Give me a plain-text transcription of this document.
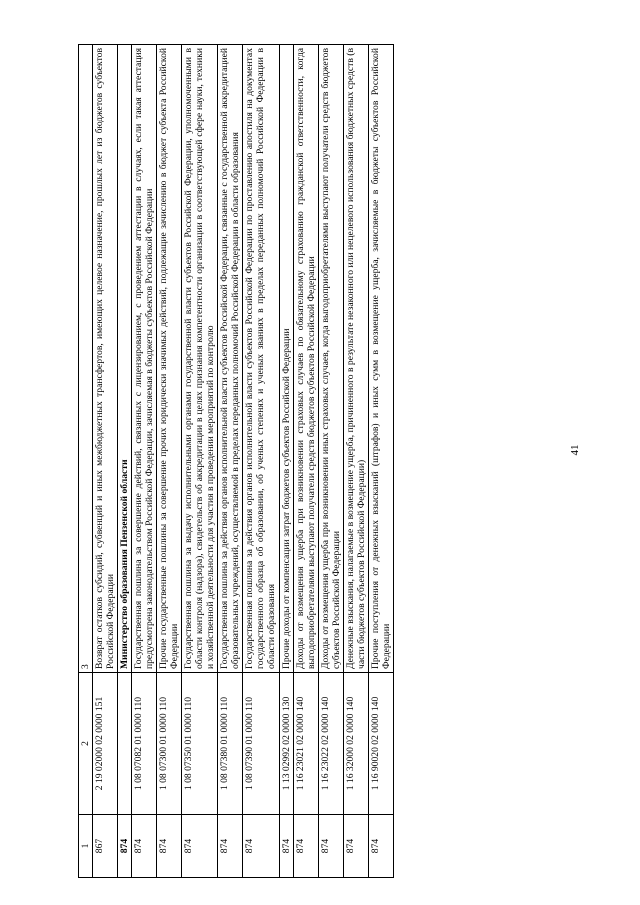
41
1	2	3
867	2 19 02000 02 0000 151	Возврат остатков субсидий, субвенций и иных межбюджетных трансфертов, имеющих целевое назначение, прошлых лет из бюджетов субъектов Российской Федерации
874		Министерство образования Пензенской области
874	1 08 07082 01 0000 110	Государственная пошлина за совершение действий, связанных с лицензированием, с проведением аттестации в случаях, если такая аттестация предусмотрена законодательством Российской Федерации, зачисляемая в бюджеты субъектов Российской Федерации
874	1 08 07300 01 0000 110	Прочие государственные пошлины за совершение прочих юридически значимых действий, подлежащие зачислению в бюджет субъекта Российской Федерации
874	1 08 07350 01 0000 110	Государственная пошлина за выдачу исполнительными органами государственной власти субъектов Российской Федерации, уполномоченными в области контроля (надзора), свидетельств об аккредитации в целях признания компетентности организации в соответствующей сфере науки, техники и хозяйственной деятельности для участия в проведении мероприятий по контролю
874	1 08 07380 01 0000 110	Государственная пошлина за действия органов исполнительной власти субъектов Российской Федерации, связанные с государственной аккредитацией образовательных учреждений, осуществляемой в пределах переданных полномочий Российской Федерации в области образования
874	1 08 07390 01 0000 110	Государственная пошлина за действия органов исполнительной власти субъектов Российской Федерации по проставлению апостиля на документах государственного образца об образовании, об ученых степенях и ученых званиях в пределах переданных полномочий Российской Федерации в области образования
874	1 13 02992 02 0000 130	Прочие доходы от компенсации затрат бюджетов субъектов Российской Федерации
874	1 16 23021 02 0000 140	Доходы от возмещения ущерба при возникновении страховых случаев по обязательному страхованию гражданской ответственности, когда выгодоприобретателями выступают получатели средств бюджетов субъектов Российской Федерации
874	1 16 23022 02 0000 140	Доходы от возмещения ущерба при возникновении иных страховых случаев, когда выгодоприобретателями выступают получатели средств бюджетов субъектов Российской Федерации
874	1 16 32000 02 0000 140	Денежные взыскания, налагаемые в возмещение ущерба, причиненного в результате незаконного или нецелевого использования бюджетных средств (в части бюджетов субъектов Российской Федерации)
874	1 16 90020 02 0000 140	Прочие поступления от денежных взысканий (штрафов) и иных сумм в возмещение ущерба, зачисляемые в бюджеты субъектов Российской Федерации
